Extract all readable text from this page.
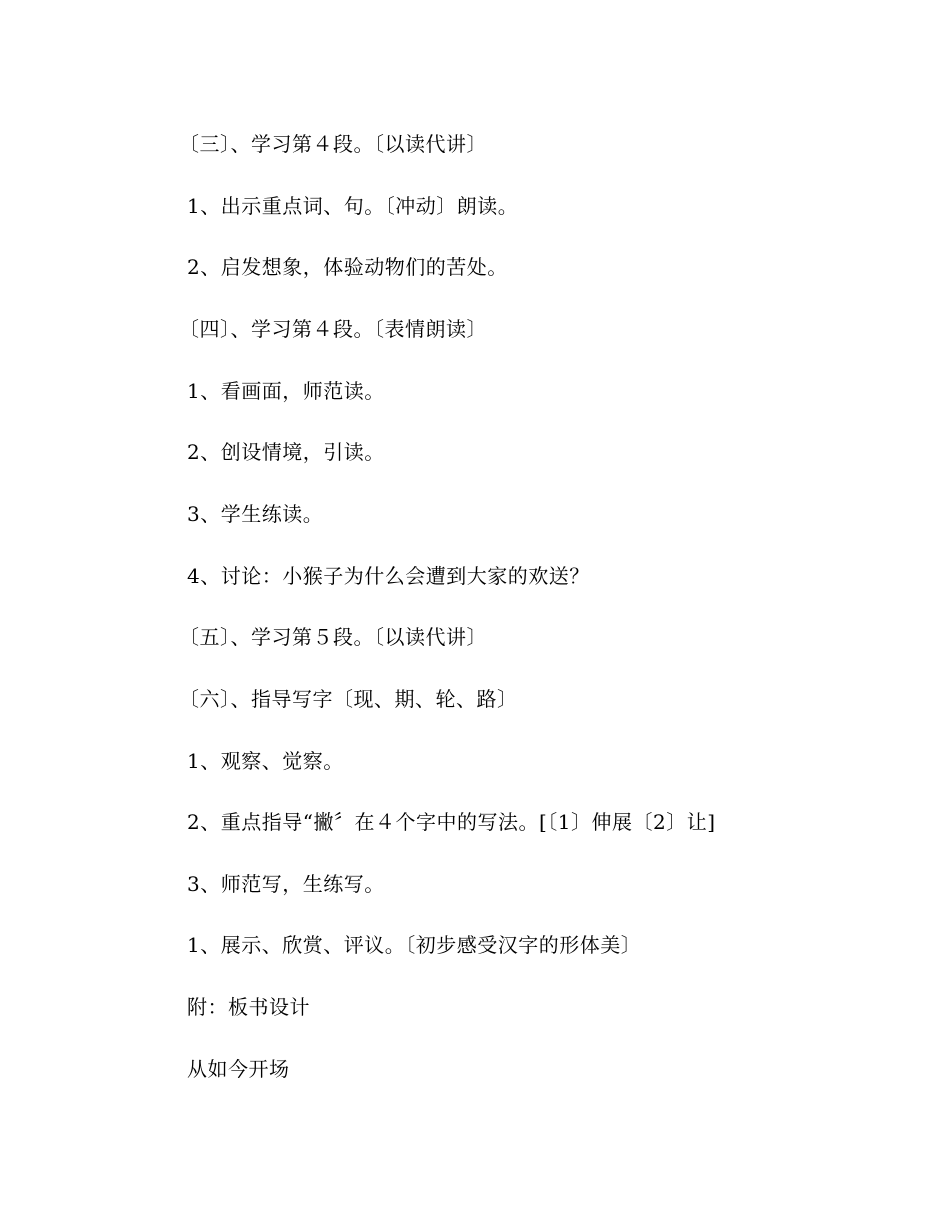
〔三〕、学习第４段。〔以读代讲〕
1、出示重点词、句。〔冲动〕朗读。
2、启发想象，体验动物们的苦处。
〔四〕、学习第４段。〔表情朗读〕
1、看画面，师范读。
2、创设情境，引读。
3、学生练读。
4、讨论：小猴子为什么会遭到大家的欢送？
〔五〕、学习第５段。〔以读代讲〕
〔六〕、指导写字〔现、期、轮、路〕
1、观察、觉察。
2、重点指导“撇〞在４个字中的写法。[〔1〕伸展〔2〕让]
3、师范写，生练写。
1、展示、欣赏、评议。〔初步感受汉字的形体美〕
附：板书设计
从如今开场
